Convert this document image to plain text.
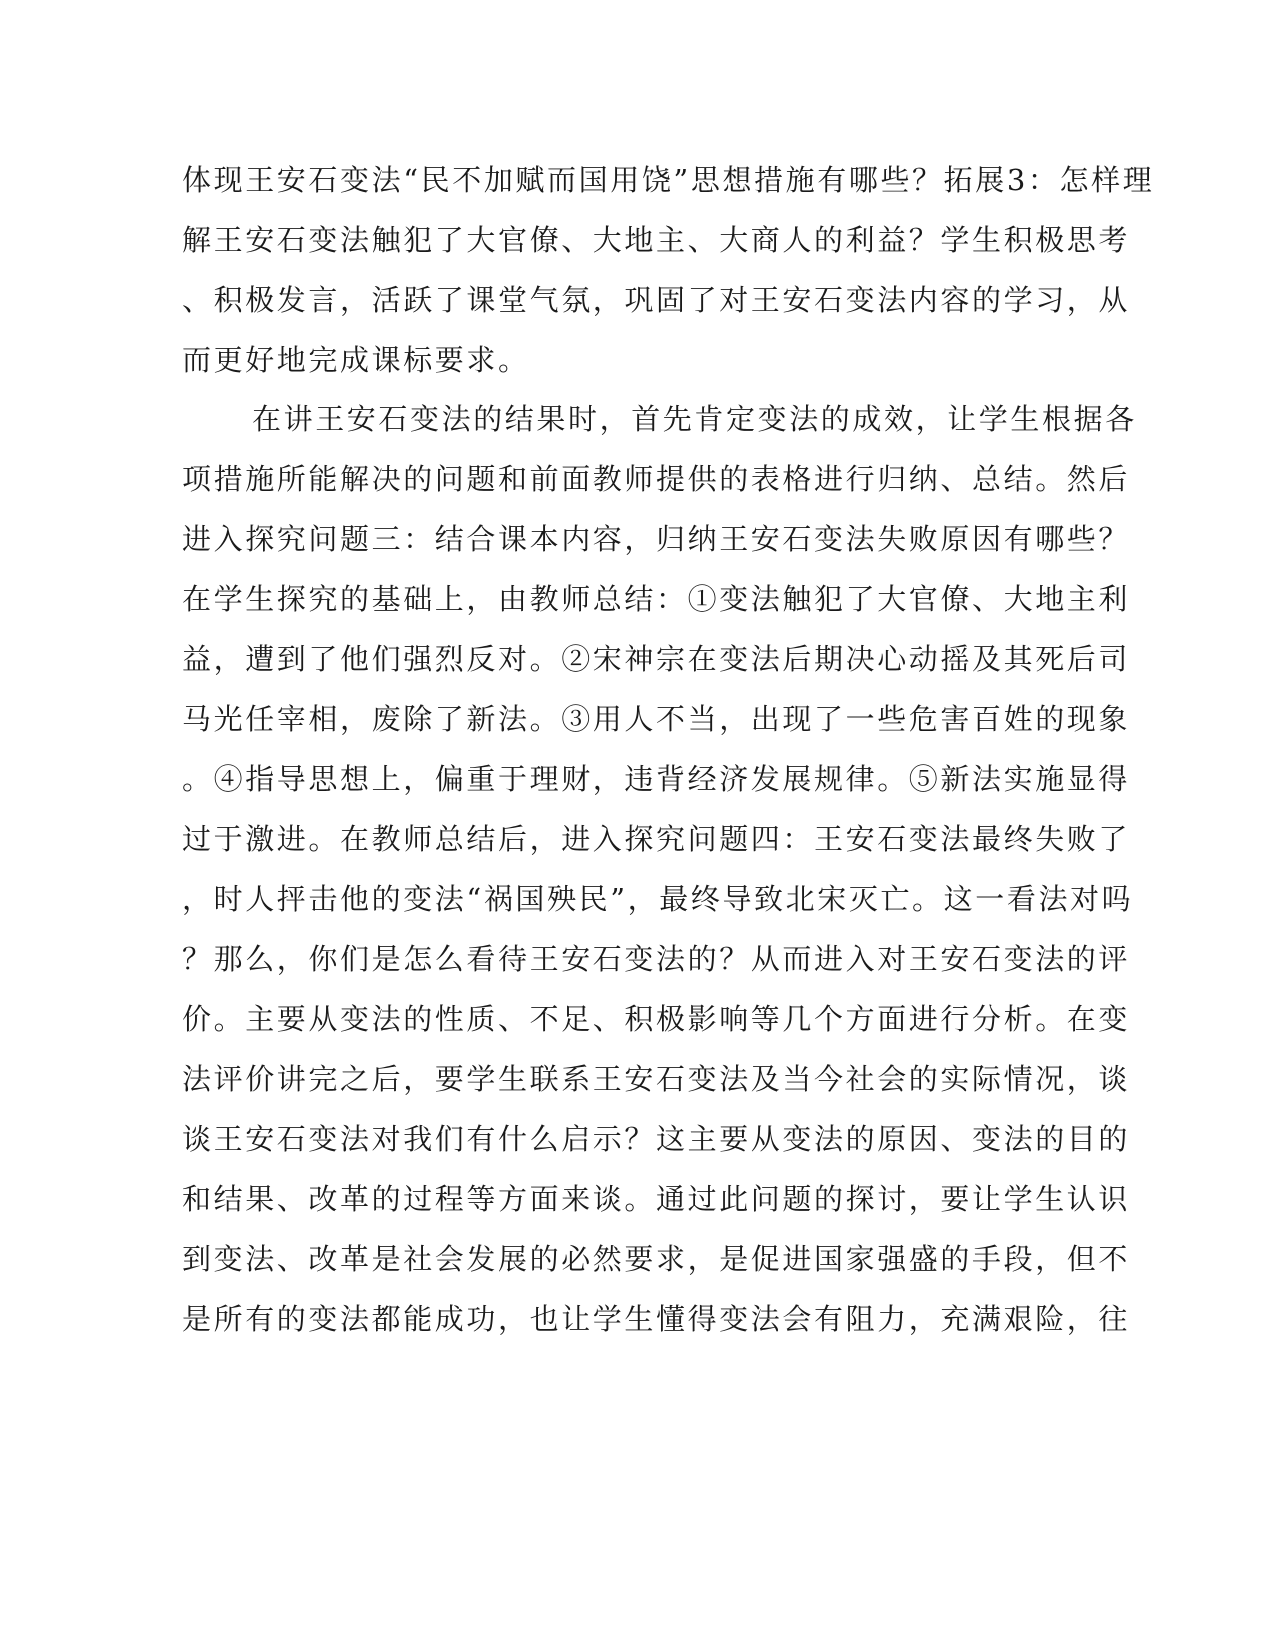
体现王安石变法“民不加赋而国用饶”思想措施有哪些？拓展3：怎样理
解王安石变法触犯了大官僚、大地主、大商人的利益？学生积极思考
、积极发言，活跃了课堂气氛，巩固了对王安石变法内容的学习，从
而更好地完成课标要求。
在讲王安石变法的结果时，首先肯定变法的成效，让学生根据各
项措施所能解决的问题和前面教师提供的表格进行归纳、总结。然后
进入探究问题三：结合课本内容，归纳王安石变法失败原因有哪些？
在学生探究的基础上，由教师总结：①变法触犯了大官僚、大地主利
益，遭到了他们强烈反对。②宋神宗在变法后期决心动摇及其死后司
马光任宰相，废除了新法。③用人不当，出现了一些危害百姓的现象
。④指导思想上，偏重于理财，违背经济发展规律。⑤新法实施显得
过于激进。在教师总结后，进入探究问题四：王安石变法最终失败了
，时人抨击他的变法“祸国殃民”，最终导致北宋灭亡。这一看法对吗
？那么，你们是怎么看待王安石变法的？从而进入对王安石变法的评
价。主要从变法的性质、不足、积极影响等几个方面进行分析。在变
法评价讲完之后，要学生联系王安石变法及当今社会的实际情况，谈
谈王安石变法对我们有什么启示？这主要从变法的原因、变法的目的
和结果、改革的过程等方面来谈。通过此问题的探讨，要让学生认识
到变法、改革是社会发展的必然要求，是促进国家强盛的手段，但不
是所有的变法都能成功，也让学生懂得变法会有阻力，充满艰险，往
